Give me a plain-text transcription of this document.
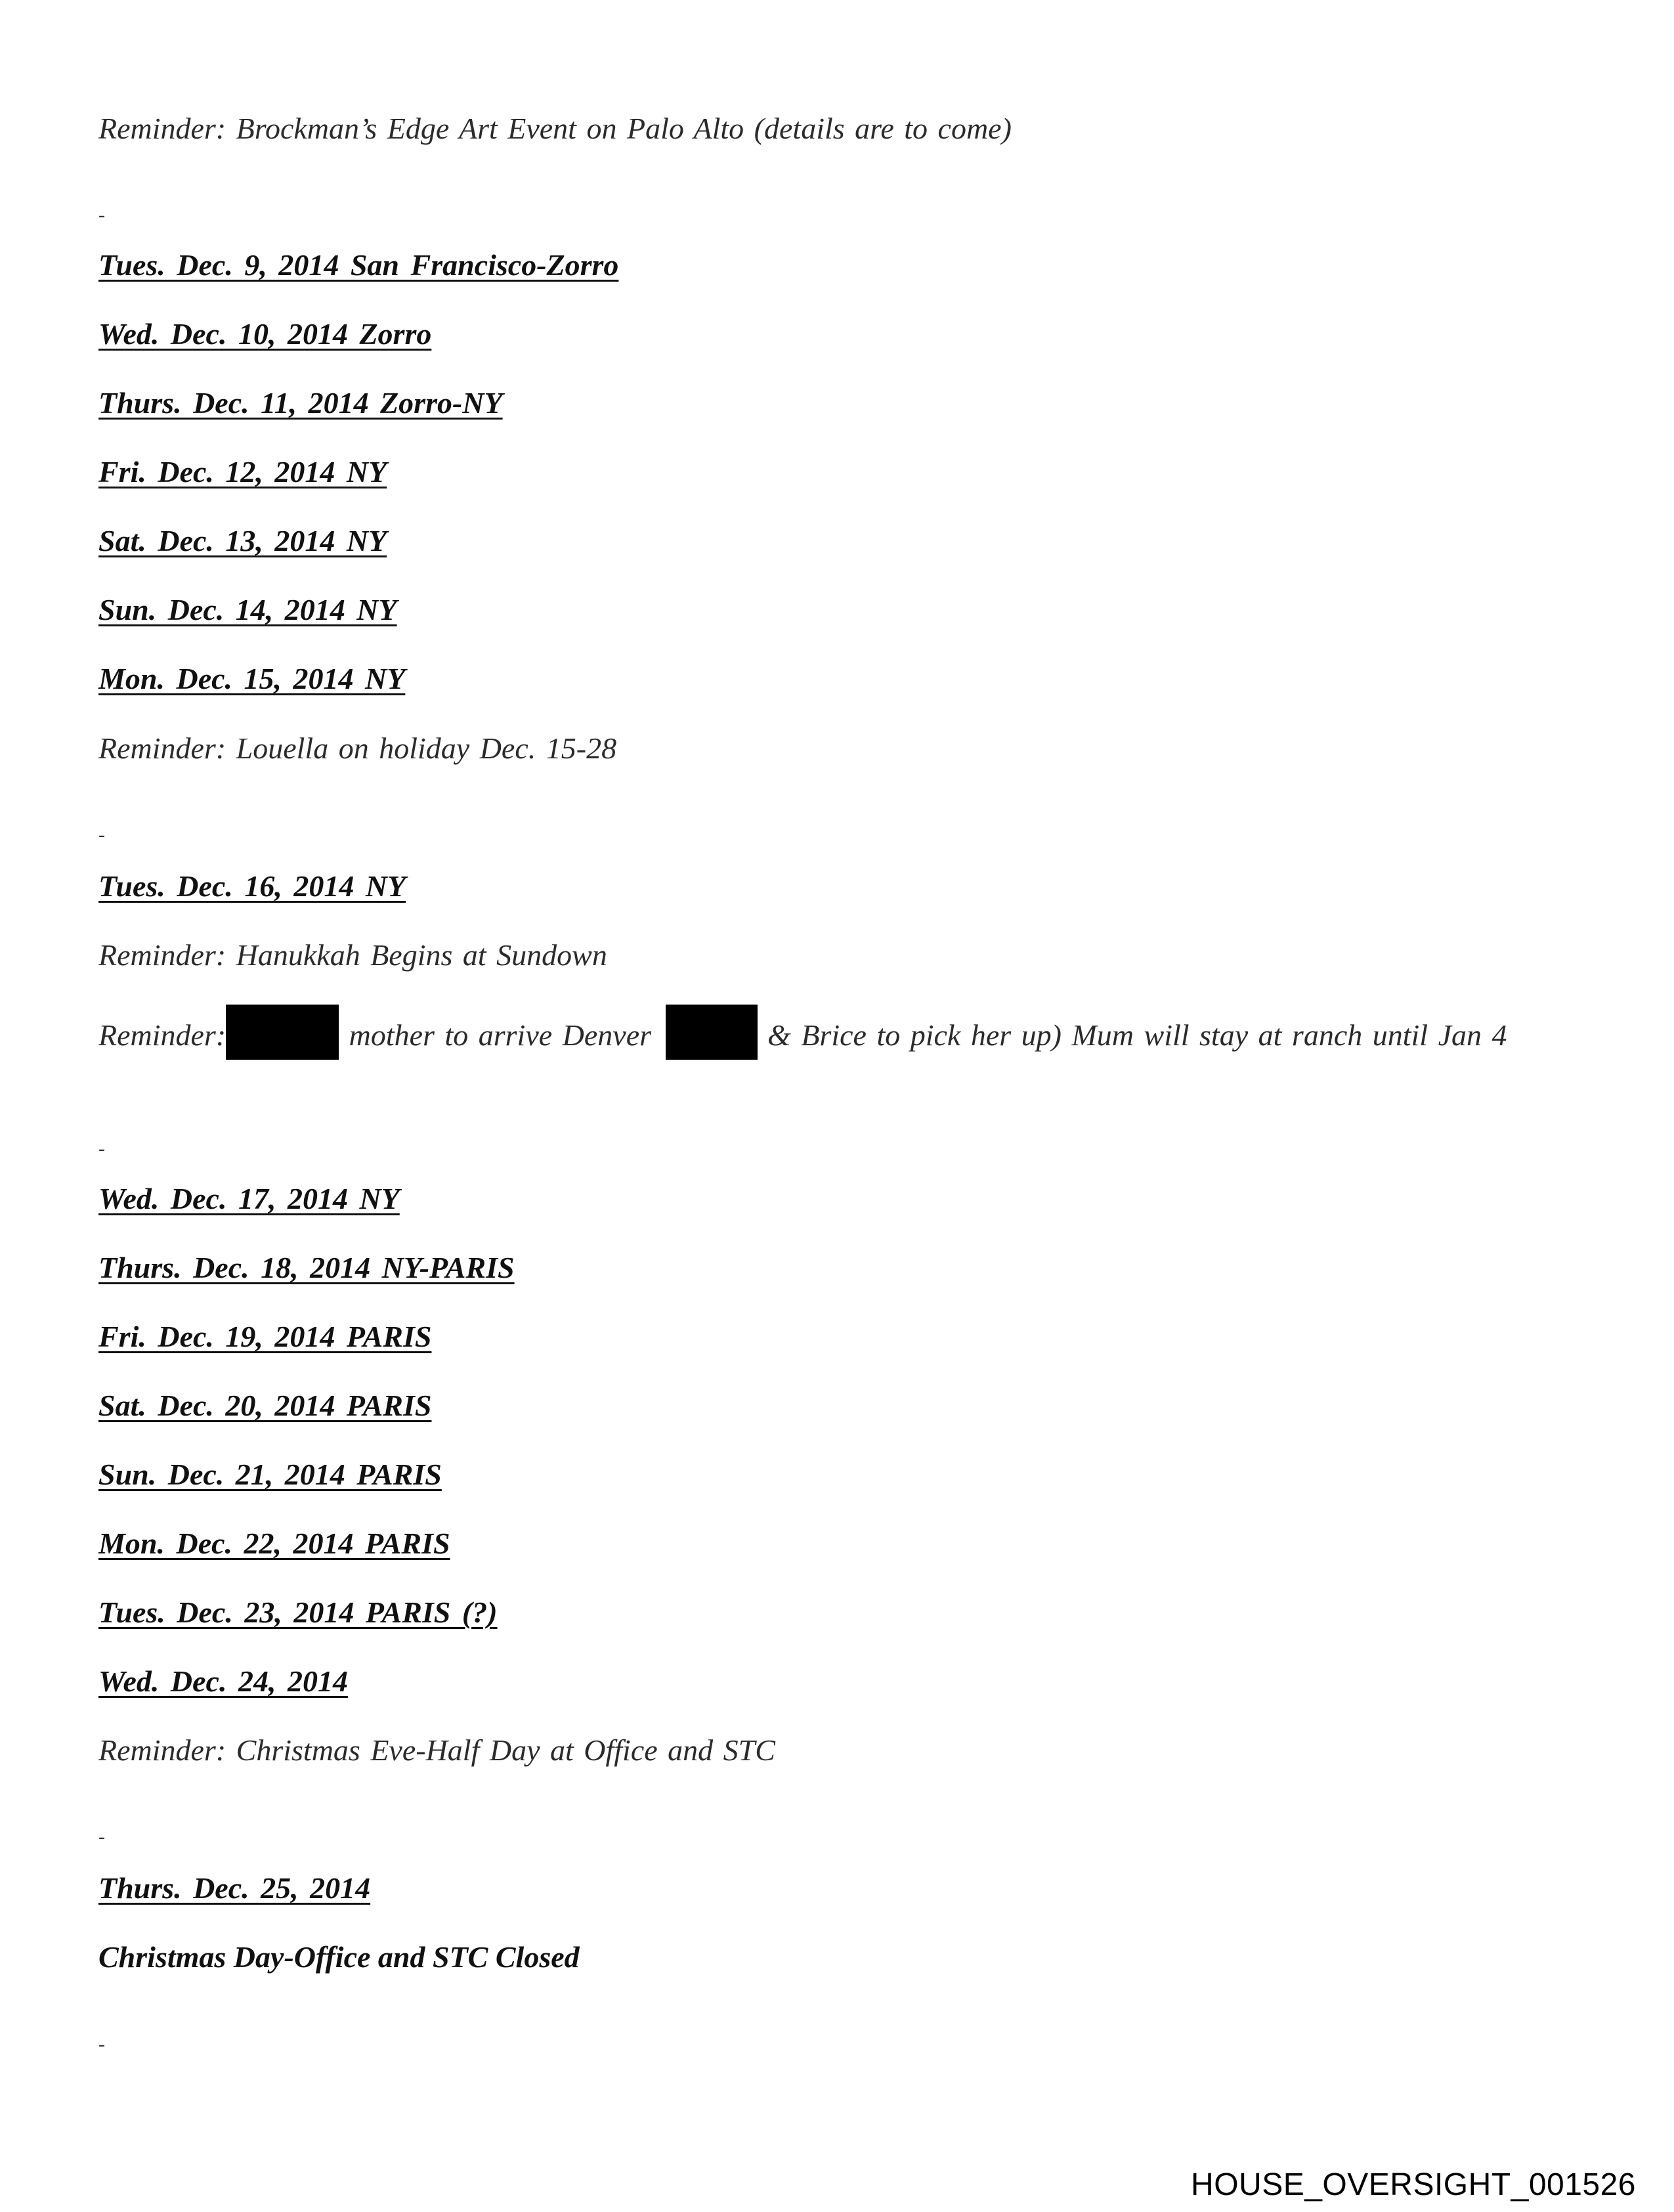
Reminder: Brockman’s Edge Art Event on Palo Alto (details are to come)
-
Tues. Dec. 9, 2014 San Francisco-Zorro
Wed. Dec. 10, 2014 Zorro
Thurs. Dec. 11, 2014 Zorro-NY
Fri. Dec. 12, 2014 NY
Sat. Dec. 13, 2014 NY
Sun. Dec. 14, 2014 NY
Mon. Dec. 15, 2014 NY
Reminder: Louella on holiday Dec. 15-28
-
Tues. Dec. 16, 2014 NY
Reminder: Hanukkah Begins at Sundown
Reminder:	mother to arrive Denver	& Brice to pick her up) Mum will stay at ranch until Jan 4
-
Wed. Dec. 17, 2014 NY
Thurs. Dec. 18, 2014 NY-PARIS
Fri. Dec. 19, 2014 PARIS
Sat. Dec. 20, 2014 PARIS
Sun. Dec. 21, 2014 PARIS
Mon. Dec. 22, 2014 PARIS
Tues. Dec. 23, 2014 PARIS (?)
Wed. Dec. 24, 2014
Reminder: Christmas Eve-Half Day at Office and STC
-
Thurs. Dec. 25, 2014
Christmas Day-Office and STC Closed
-
HOUSE_OVERSIGHT_001526
